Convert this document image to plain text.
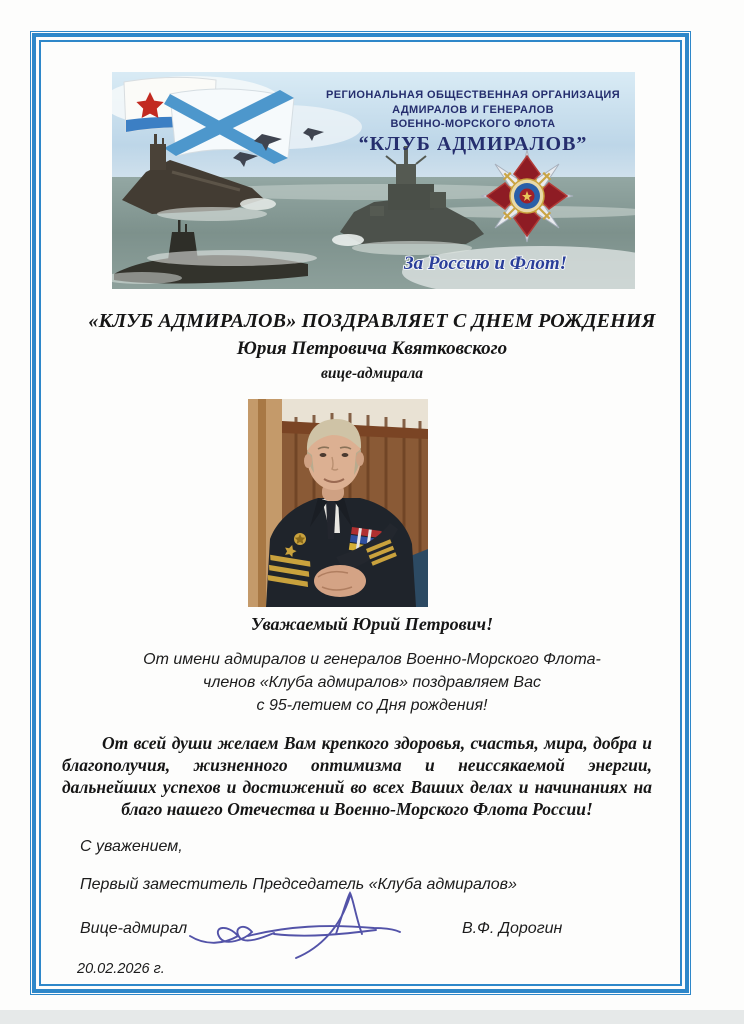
РЕГИОНАЛЬНАЯ ОБЩЕСТВЕННАЯ ОРГАНИЗАЦИЯ
АДМИРАЛОВ И ГЕНЕРАЛОВ
ВОЕННО-МОРСКОГО ФЛОТА
“КЛУБ АДМИРАЛОВ”
За Россию и Флот!
«КЛУБ АДМИРАЛОВ» ПОЗДРАВЛЯЕТ С ДНЕМ РОЖДЕНИЯ
Юрия Петровича Квятковского
вице-адмирала
Уважаемый Юрий Петрович!
От имени адмиралов и генералов Военно-Морского Флота-
членов «Клуба адмиралов» поздравляем Вас
с 95-летием со Дня рождения!
От всей души желаем Вам крепкого здоровья, счастья, мира, добра и благополучия, жизненного оптимизма и неиссякаемой энергии, дальнейших успехов и достижений во всех Ваших делах и начинаниях на благо нашего Отечества и Военно-Морского Флота России!
С уважением,
Первый заместитель Председатель «Клуба адмиралов»
Вице-адмирал	В.Ф. Дорогин
20.02.2026 г.
